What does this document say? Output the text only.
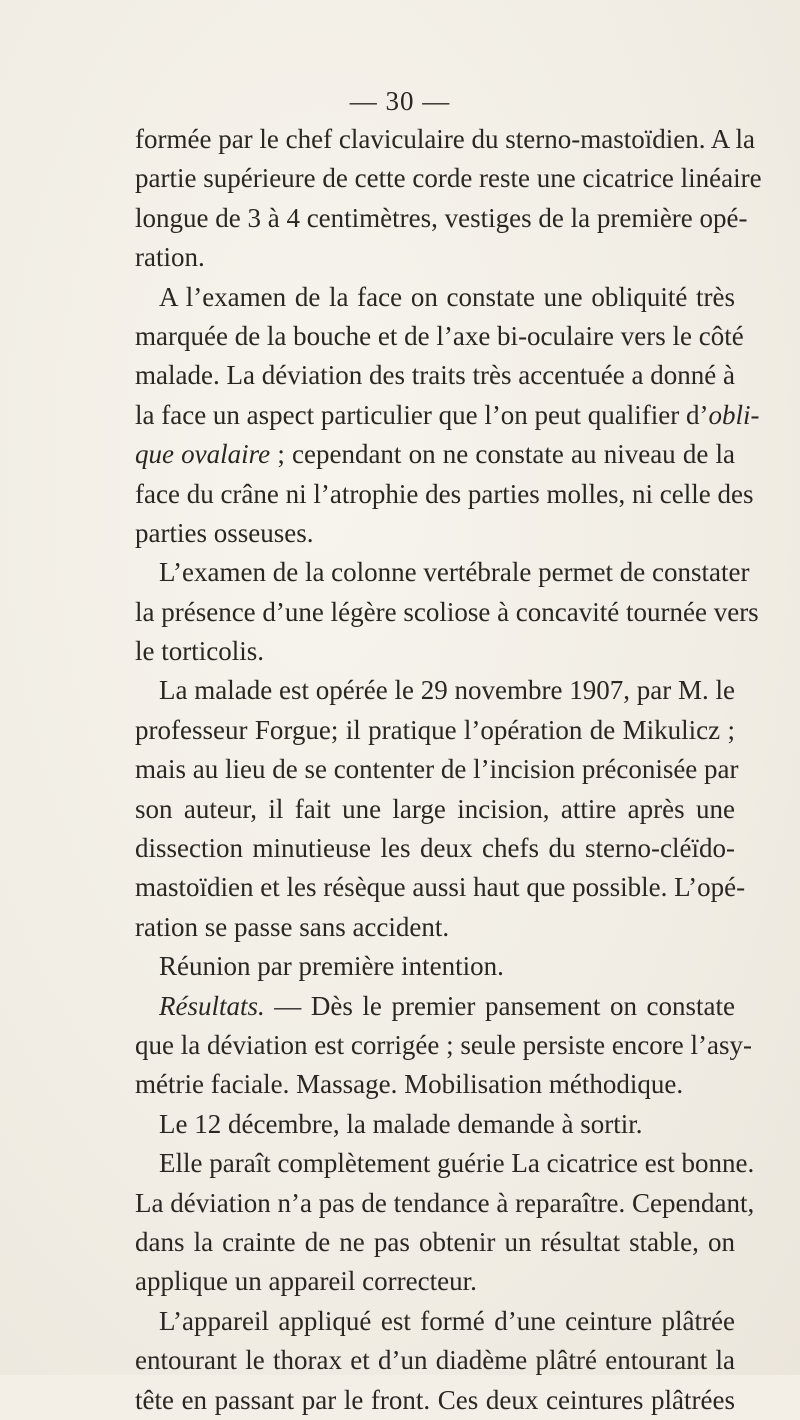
— 30 —
formée par le chef claviculaire du sterno-mastoïdien. A la
partie supérieure de cette corde reste une cicatrice linéaire
longue de 3 à 4 centimètres, vestiges de la première opé-
ration.
A l’examen de la face on constate une obliquité très
marquée de la bouche et de l’axe bi-oculaire vers le côté
malade. La déviation des traits très accentuée a donné à
la face un aspect particulier que l’on peut qualifier d’obli-
que ovalaire ; cependant on ne constate au niveau de la
face du crâne ni l’atrophie des parties molles, ni celle des
parties osseuses.
L’examen de la colonne vertébrale permet de constater
la présence d’une légère scoliose à concavité tournée vers
le torticolis.
La malade est opérée le 29 novembre 1907, par M. le
professeur Forgue; il pratique l’opération de Mikulicz ;
mais au lieu de se contenter de l’incision préconisée par
son auteur, il fait une large incision, attire après une
dissection minutieuse les deux chefs du sterno-cléïdo-
mastoïdien et les résèque aussi haut que possible. L’opé-
ration se passe sans accident.
Réunion par première intention.
Résultats. — Dès le premier pansement on constate
que la déviation est corrigée ; seule persiste encore l’asy-
métrie faciale. Massage. Mobilisation méthodique.
Le 12 décembre, la malade demande à sortir.
Elle paraît complètement guérie La cicatrice est bonne.
La déviation n’a pas de tendance à reparaître. Cependant,
dans la crainte de ne pas obtenir un résultat stable, on
applique un appareil correcteur.
L’appareil appliqué est formé d’une ceinture plâtrée
entourant le thorax et d’un diadème plâtré entourant la
tête en passant par le front. Ces deux ceintures plâtrées
